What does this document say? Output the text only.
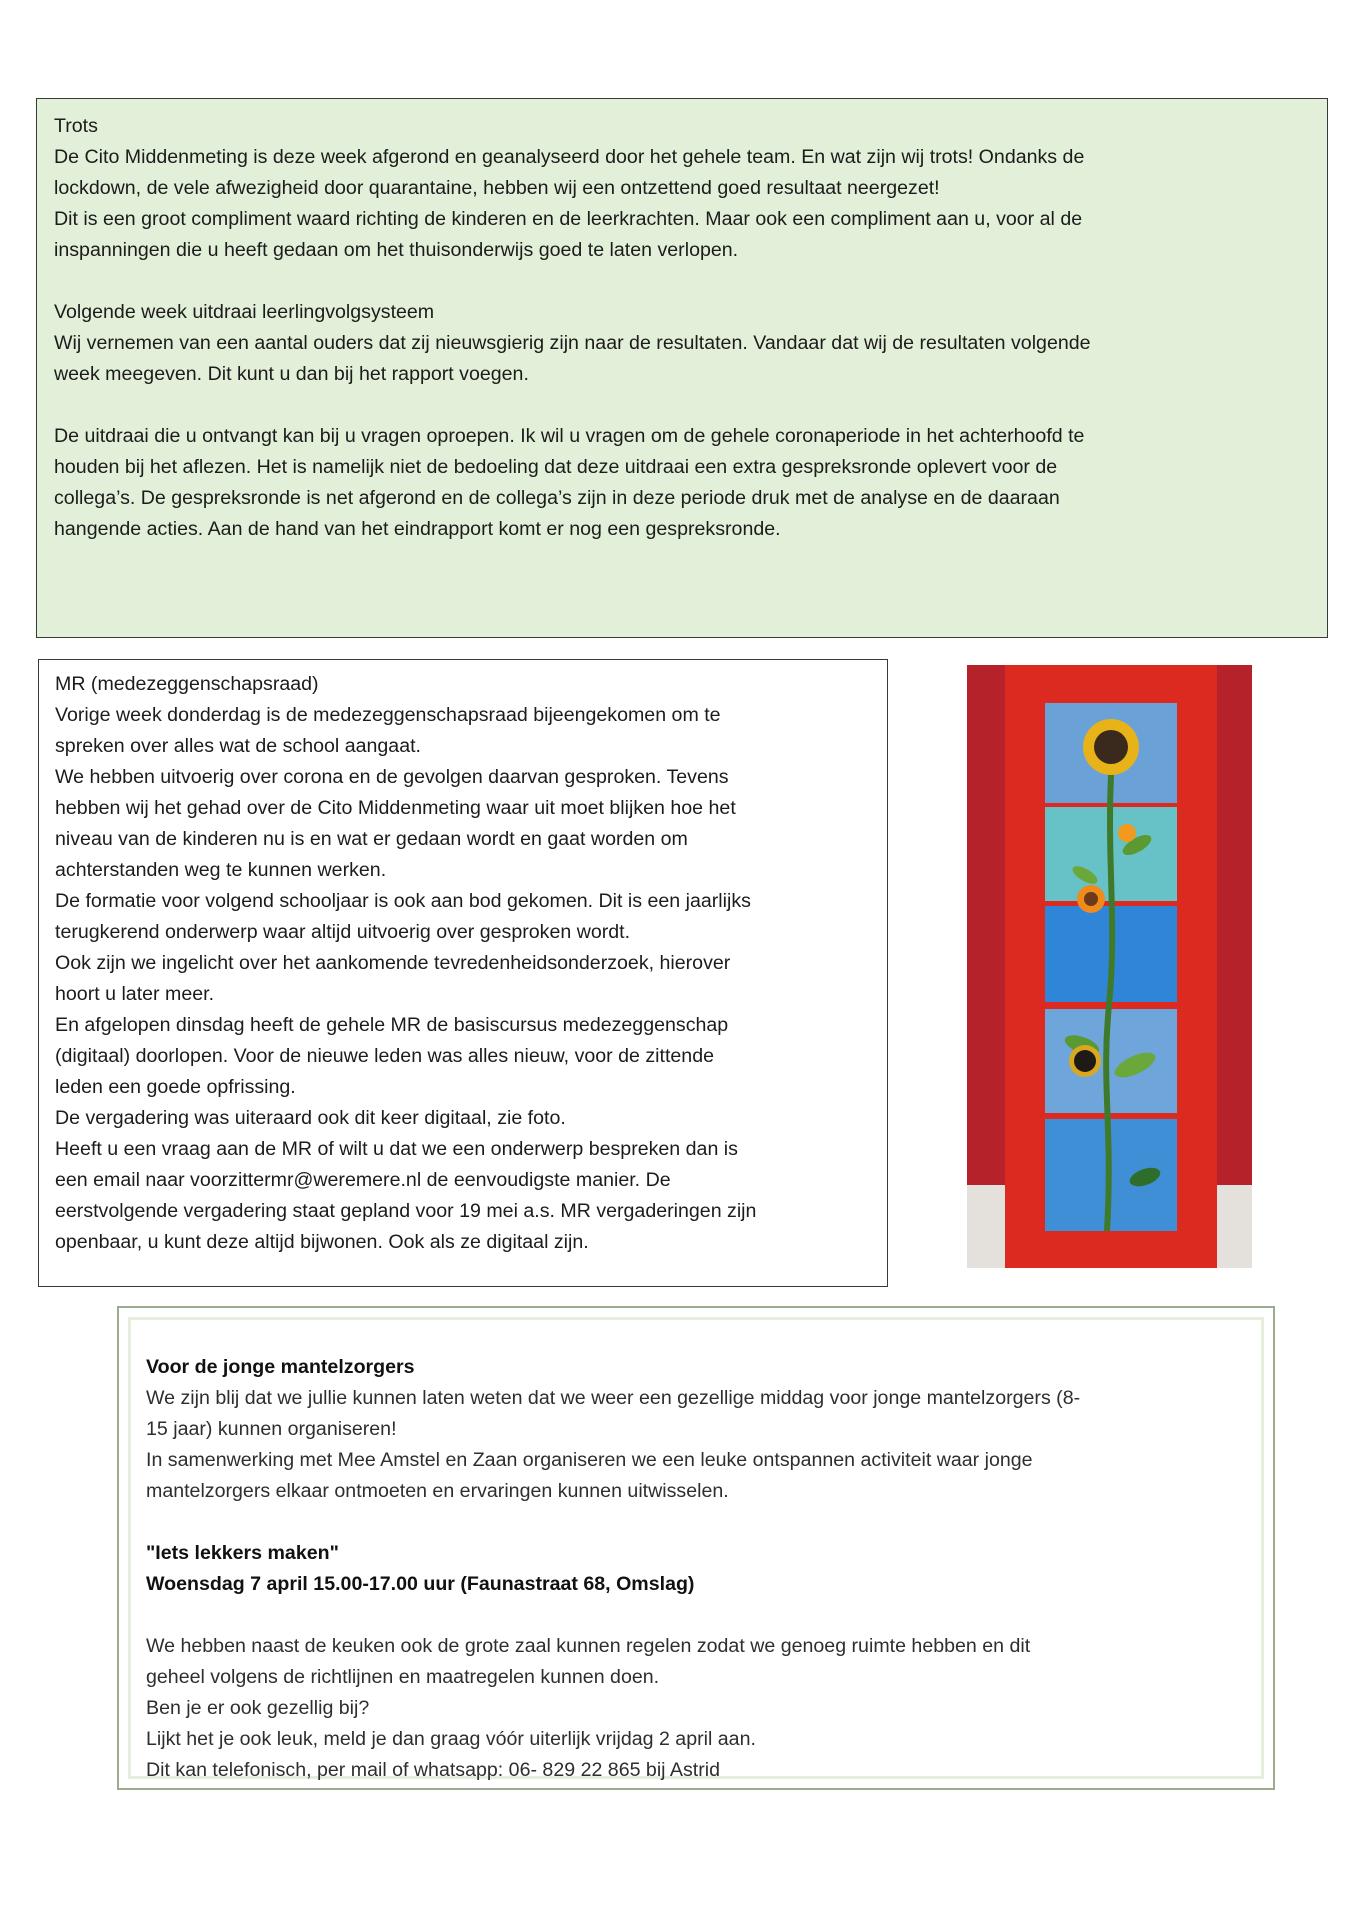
Trots
De Cito Middenmeting is deze week afgerond en geanalyseerd door het gehele team. En wat zijn wij trots! Ondanks de
lockdown, de vele afwezigheid door quarantaine, hebben wij een ontzettend goed resultaat neergezet!
Dit is een groot compliment waard richting de kinderen en de leerkrachten. Maar ook een compliment aan u, voor al de
inspanningen die u heeft gedaan om het thuisonderwijs goed te laten verlopen.
Volgende week uitdraai leerlingvolgsysteem
Wij vernemen van een aantal ouders dat zij nieuwsgierig zijn naar de resultaten. Vandaar dat wij de resultaten volgende
week meegeven. Dit kunt u dan bij het rapport voegen.
De uitdraai die u ontvangt kan bij u vragen oproepen. Ik wil u vragen om de gehele coronaperiode in het achterhoofd te
houden bij het aflezen. Het is namelijk niet de bedoeling dat deze uitdraai een extra gespreksronde oplevert voor de
collega’s. De gespreksronde is net afgerond en de collega’s zijn in deze periode druk met de analyse en de daaraan
hangende acties. Aan de hand van het eindrapport komt er nog een gespreksronde.
MR (medezeggenschapsraad)
Vorige week donderdag is de medezeggenschapsraad bijeengekomen om te
spreken over alles wat de school aangaat.
We hebben uitvoerig over corona en de gevolgen daarvan gesproken. Tevens
hebben wij het gehad over de Cito Middenmeting waar uit moet blijken hoe het
niveau van de kinderen nu is en wat er gedaan wordt en gaat worden om
achterstanden weg te kunnen werken.
De formatie voor volgend schooljaar is ook aan bod gekomen. Dit is een jaarlijks
terugkerend onderwerp waar altijd uitvoerig over gesproken wordt.
Ook zijn we ingelicht over het aankomende tevredenheidsonderzoek, hierover
hoort u later meer.
En afgelopen dinsdag heeft de gehele MR de basiscursus medezeggenschap
(digitaal) doorlopen. Voor de nieuwe leden was alles nieuw, voor de zittende
leden een goede opfrissing.
De vergadering was uiteraard ook dit keer digitaal, zie foto.
Heeft u een vraag aan de MR of wilt u dat we een onderwerp bespreken dan is
een email naar voorzittermr@weremere.nl de eenvoudigste manier. De
eerstvolgende vergadering staat gepland voor 19 mei a.s. MR vergaderingen zijn
openbaar, u kunt deze altijd bijwonen. Ook als ze digitaal zijn.
Voor de jonge mantelzorgers
We zijn blij dat we jullie kunnen laten weten dat we weer een gezellige middag voor jonge mantelzorgers (8-
15 jaar) kunnen organiseren!
In samenwerking met Mee Amstel en Zaan organiseren we een leuke ontspannen activiteit waar jonge
mantelzorgers elkaar ontmoeten en ervaringen kunnen uitwisselen.
"Iets lekkers maken"
Woensdag 7 april 15.00-17.00 uur (Faunastraat 68, Omslag)
We hebben naast de keuken ook de grote zaal kunnen regelen zodat we genoeg ruimte hebben en dit
geheel volgens de richtlijnen en maatregelen kunnen doen.
Ben je er ook gezellig bij?
Lijkt het je ook leuk, meld je dan graag vóór uiterlijk vrijdag 2 april aan.
Dit kan telefonisch, per mail of whatsapp: 06- 829 22 865 bij Astrid
